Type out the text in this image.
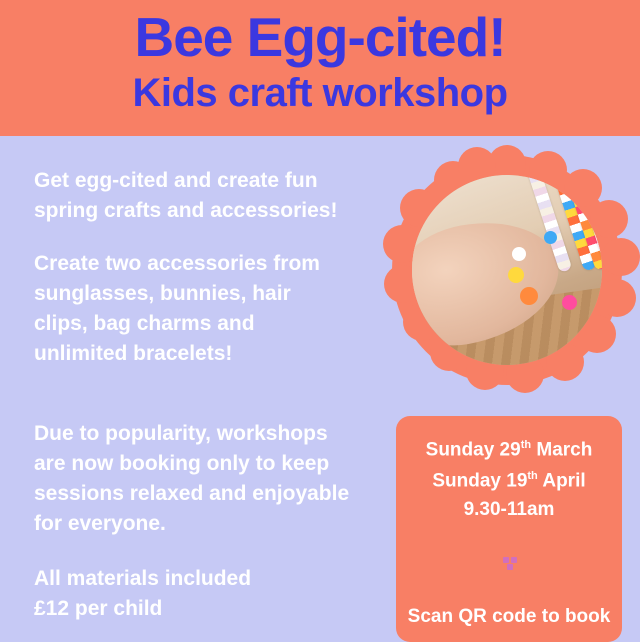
Bee Egg-cited!
Kids craft workshop

Get egg-cited and create fun

spring crafts and accessories!

Create two accessories from

sunglasses, bunnies, hair

clips, bag charms and

unlimited bracelets!

Due to popularity, workshops

are now booking only to keep

sessions relaxed and enjoyable

for everyone.

All materials included

£12 per child

Sunday 29th March
Sunday 19th April
9.30-11am
Scan QR code to book
